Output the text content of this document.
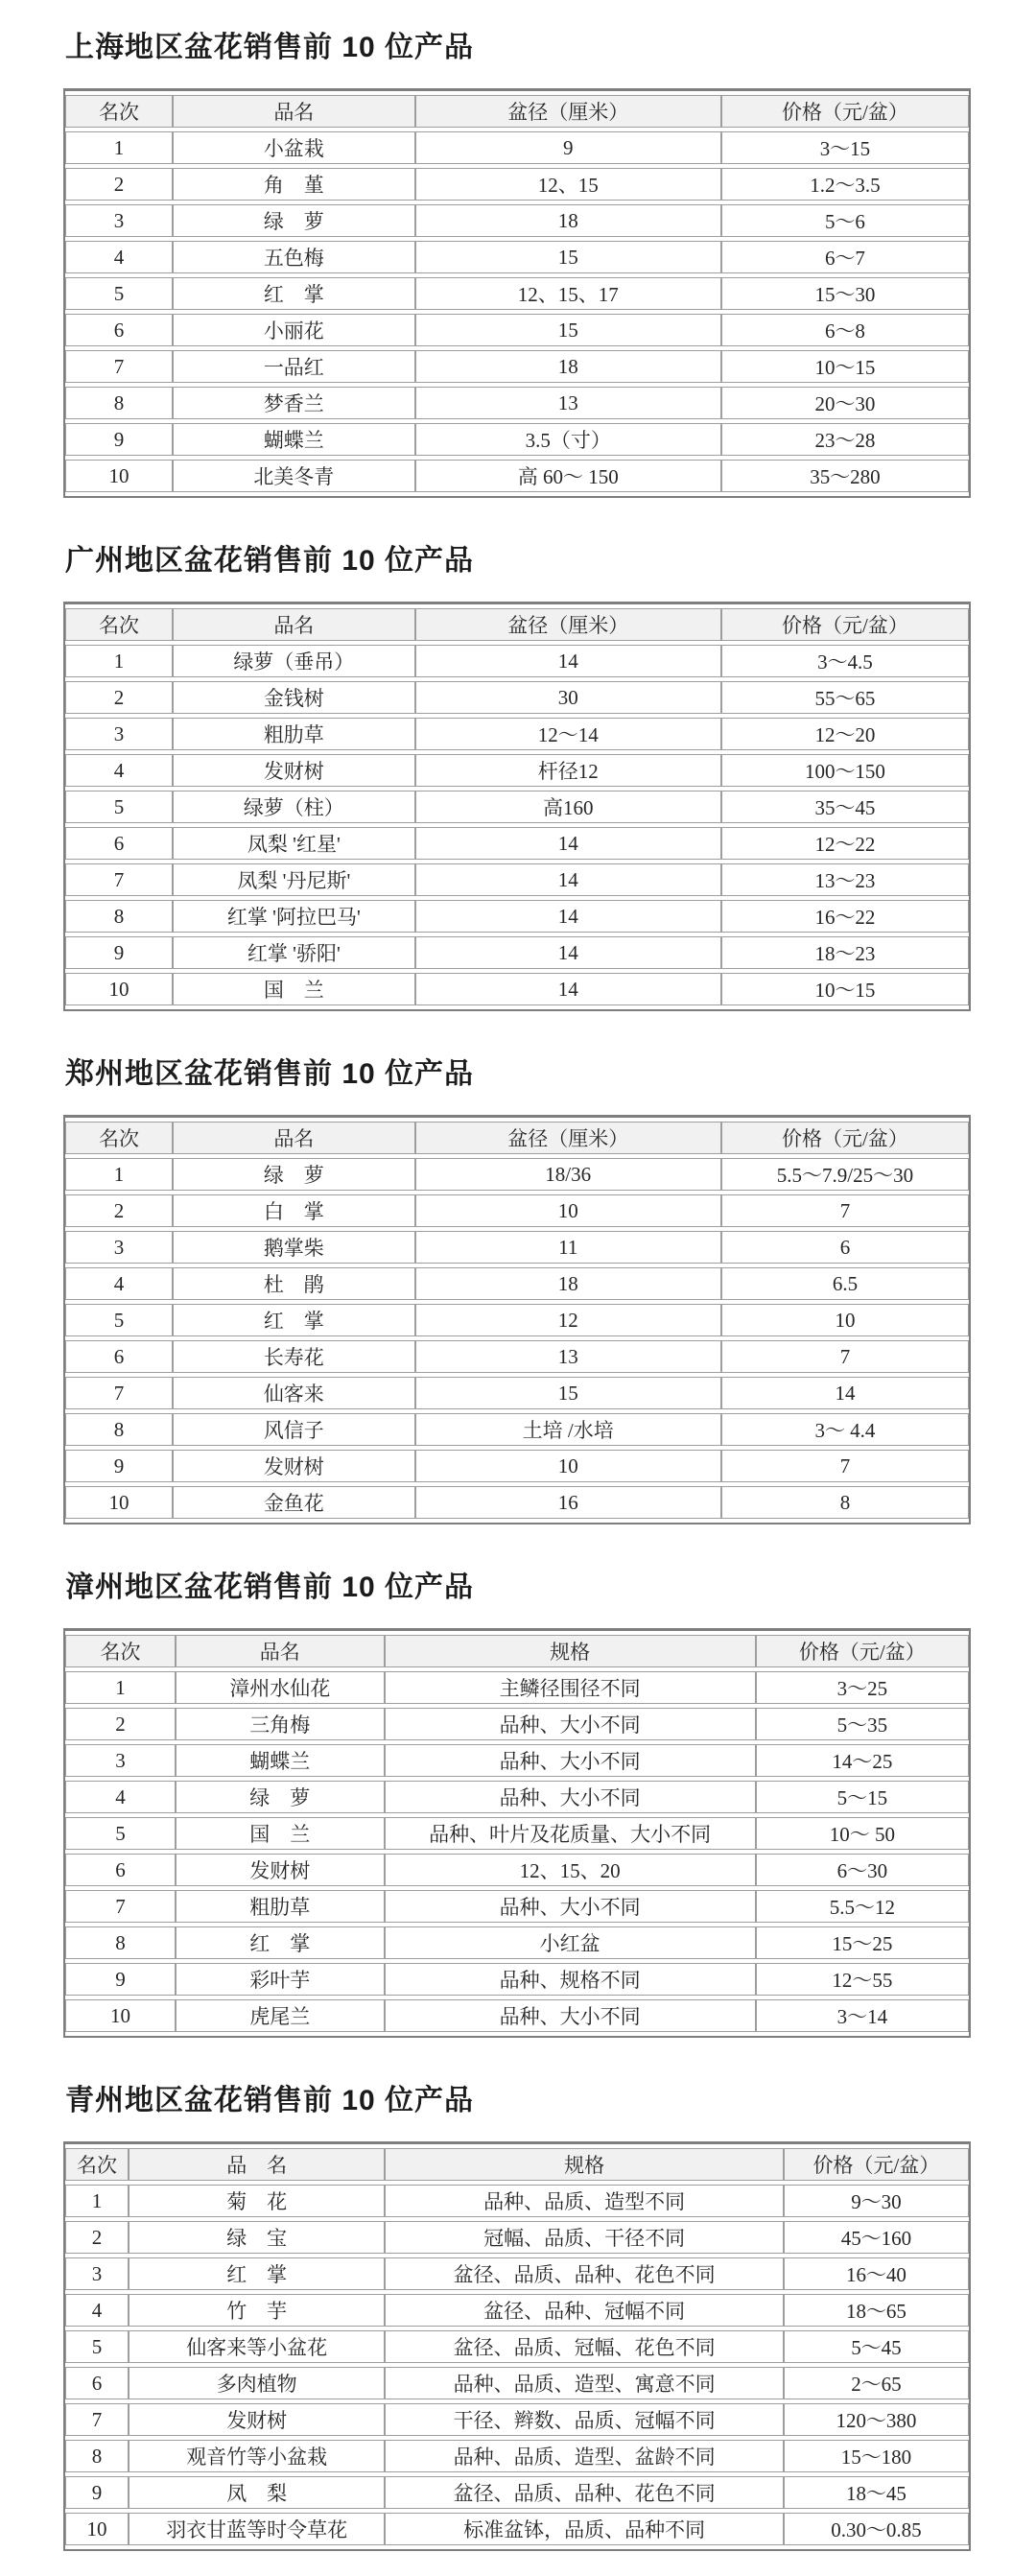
上海地区盆花销售前 10 位产品
名次	品名	盆径（厘米）	价格（元/盆）
1	小盆栽	9	3～15
2	角　堇	12、15	1.2～3.5
3	绿　萝	18	5～6
4	五色梅	15	6～7
5	红　掌	12、15、17	15～30
6	小丽花	15	6～8
7	一品红	18	10～15
8	梦香兰	13	20～30
9	蝴蝶兰	3.5（寸）	23～28
10	北美冬青	高 60～ 150	35～280
广州地区盆花销售前 10 位产品
名次	品名	盆径（厘米）	价格（元/盆）
1	绿萝（垂吊）	14	3～4.5
2	金钱树	30	55～65
3	粗肋草	12～14	12～20
4	发财树	杆径12	100～150
5	绿萝（柱）	高160	35～45
6	凤梨 '红星'	14	12～22
7	凤梨 '丹尼斯'	14	13～23
8	红掌 '阿拉巴马'	14	16～22
9	红掌 '骄阳'	14	18～23
10	国　兰	14	10～15
郑州地区盆花销售前 10 位产品
名次	品名	盆径（厘米）	价格（元/盆）
1	绿　萝	18/36	5.5～7.9/25～30
2	白　掌	10	7
3	鹅掌柴	11	6
4	杜　鹃	18	6.5
5	红　掌	12	10
6	长寿花	13	7
7	仙客来	15	14
8	风信子	土培 /水培	3～ 4.4
9	发财树	10	7
10	金鱼花	16	8
漳州地区盆花销售前 10 位产品
名次	品名	规格	价格（元/盆）
1	漳州水仙花	主鳞径围径不同	3～25
2	三角梅	品种、大小不同	5～35
3	蝴蝶兰	品种、大小不同	14～25
4	绿　萝	品种、大小不同	5～15
5	国　兰	品种、叶片及花质量、大小不同	10～ 50
6	发财树	12、15、20	6～30
7	粗肋草	品种、大小不同	5.5～12
8	红　掌	小红盆	15～25
9	彩叶芋	品种、规格不同	12～55
10	虎尾兰	品种、大小不同	3～14
青州地区盆花销售前 10 位产品
名次	品　名	规格	价格（元/盆）
1	菊　花	品种、品质、造型不同	9～30
2	绿　宝	冠幅、品质、干径不同	45～160
3	红　掌	盆径、品质、品种、花色不同	16～40
4	竹　芋	盆径、品种、冠幅不同	18～65
5	仙客来等小盆花	盆径、品质、冠幅、花色不同	5～45
6	多肉植物	品种、品质、造型、寓意不同	2～65
7	发财树	干径、辫数、品质、冠幅不同	120～380
8	观音竹等小盆栽	品种、品质、造型、盆龄不同	15～180
9	凤　梨	盆径、品质、品种、花色不同	18～45
10	羽衣甘蓝等时令草花	标准盆钵，品质、品种不同	0.30～0.85
